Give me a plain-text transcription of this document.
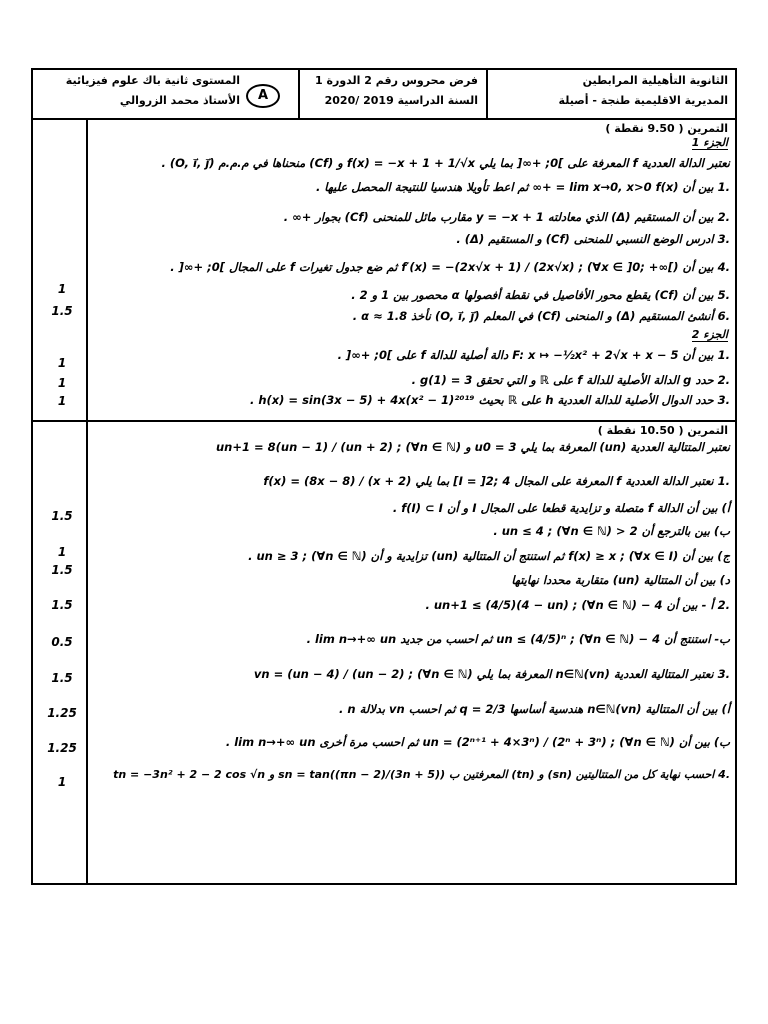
الثانوية التأهيلية المرابطين
المديرية الاقليمية طنجة - أصيلة
فرض محروس رقم 2 الدورة 1
السنة الدراسية 2019 /2020
A
المستوى ثانية باك علوم فيزيائية
الأستاذ محمد الزروالي
التمرين ( 9.50 نقطة )
الجزء 1
نعتبر الدالة العددية f المعرفة على ]0; +∞[ بما يلي f(x) = −x + 1 + 1/√x و (Cf) منحناها في م.م.م (O, i⃗, j⃗) .
.1 بين أن lim x→0, x>0 f(x) = +∞ ثم اعط تأويلا هندسيا للنتيجة المحصل عليها .
.2 بين أن المستقيم (Δ) الذي معادلته y = −x + 1 مقارب مائل للمنحنى (Cf) بجوار +∞ .
.3 ادرس الوضع النسبي للمنحنى (Cf) و المستقيم (Δ) .
.4 بين أن f′(x) = −(2x√x + 1) / (2x√x) ; (∀x ∈ ]0; +∞[) ثم ضع جدول تغيرات f على المجال ]0; +∞[ .
.5 بين أن (Cf) يقطع محور الأفاصيل في نقطة أفصولها α محصور بين 1 و 2 .
.6 أنشئ المستقيم (Δ) و المنحنى (Cf) في المعلم (O, i⃗, j⃗) نأخذ α ≈ 1.8 .
الجزء 2
.1 بين أن F: x ↦ −½x² + 2√x + x − 5 دالة أصلية للدالة f على ]0; +∞[ .
.2 حدد g الدالة الأصلية للدالة f على ℝ و التي تحقق g(1) = 3 .
.3 حدد الدوال الأصلية للدالة العددية h على ℝ بحيث h(x) = sin(3x − 5) + 4x(x² − 1)²⁰¹⁹ .
التمرين ( 10.50 نقطة )
نعتبر المتتالية العددية (un) المعرفة بما يلي u0 = 3 و un+1 = 8(un − 1) / (un + 2) ; (∀n ∈ ℕ)
.1 نعتبر الدالة العددية f المعرفة على المجال I = ]2; 4] بما يلي f(x) = (8x − 8) / (x + 2)
أ) بين أن الدالة f متصلة و تزايدية قطعا على المجال I و أن f(I) ⊂ I .
ب) بين بالترجع أن 2 < un ≤ 4 ; (∀n ∈ ℕ) .
ج) بين أن f(x) ≥ x ; (∀x ∈ I) ثم استنتج أن المتتالية (un) تزايدية و أن un ≥ 3 ; (∀n ∈ ℕ) .
د) بين أن المتتالية (un) متقاربة محددا نهايتها
.2 أ - بين أن 4 − un+1 ≤ (4/5)(4 − un) ; (∀n ∈ ℕ) .
ب- استنتج أن 4 − un ≤ (4/5)ⁿ ; (∀n ∈ ℕ) ثم احسب من جديد lim n→+∞ un .
.3 نعتبر المتتالية العددية (vn)n∈ℕ المعرفة بما يلي vn = (un − 4) / (un − 2) ; (∀n ∈ ℕ)
أ) بين أن المتتالية (vn)n∈ℕ هندسية أساسها q = 2/3 ثم احسب vn بدلالة n .
ب) بين أن un = (2ⁿ⁺¹ + 4×3ⁿ) / (2ⁿ + 3ⁿ) ; (∀n ∈ ℕ) ثم احسب مرة أخرى lim n→+∞ un .
.4 احسب نهاية كل من المتتاليتين (sn) و (tn) المعرفتين ب sn = tan((πn − 2)/(3n + 5)) و tn = −3n² + 2 − 2 cos √n
1
1.5
1
1
1
1.5
1
1.5
1.5
0.5
1.5
1.25
1.25
1
